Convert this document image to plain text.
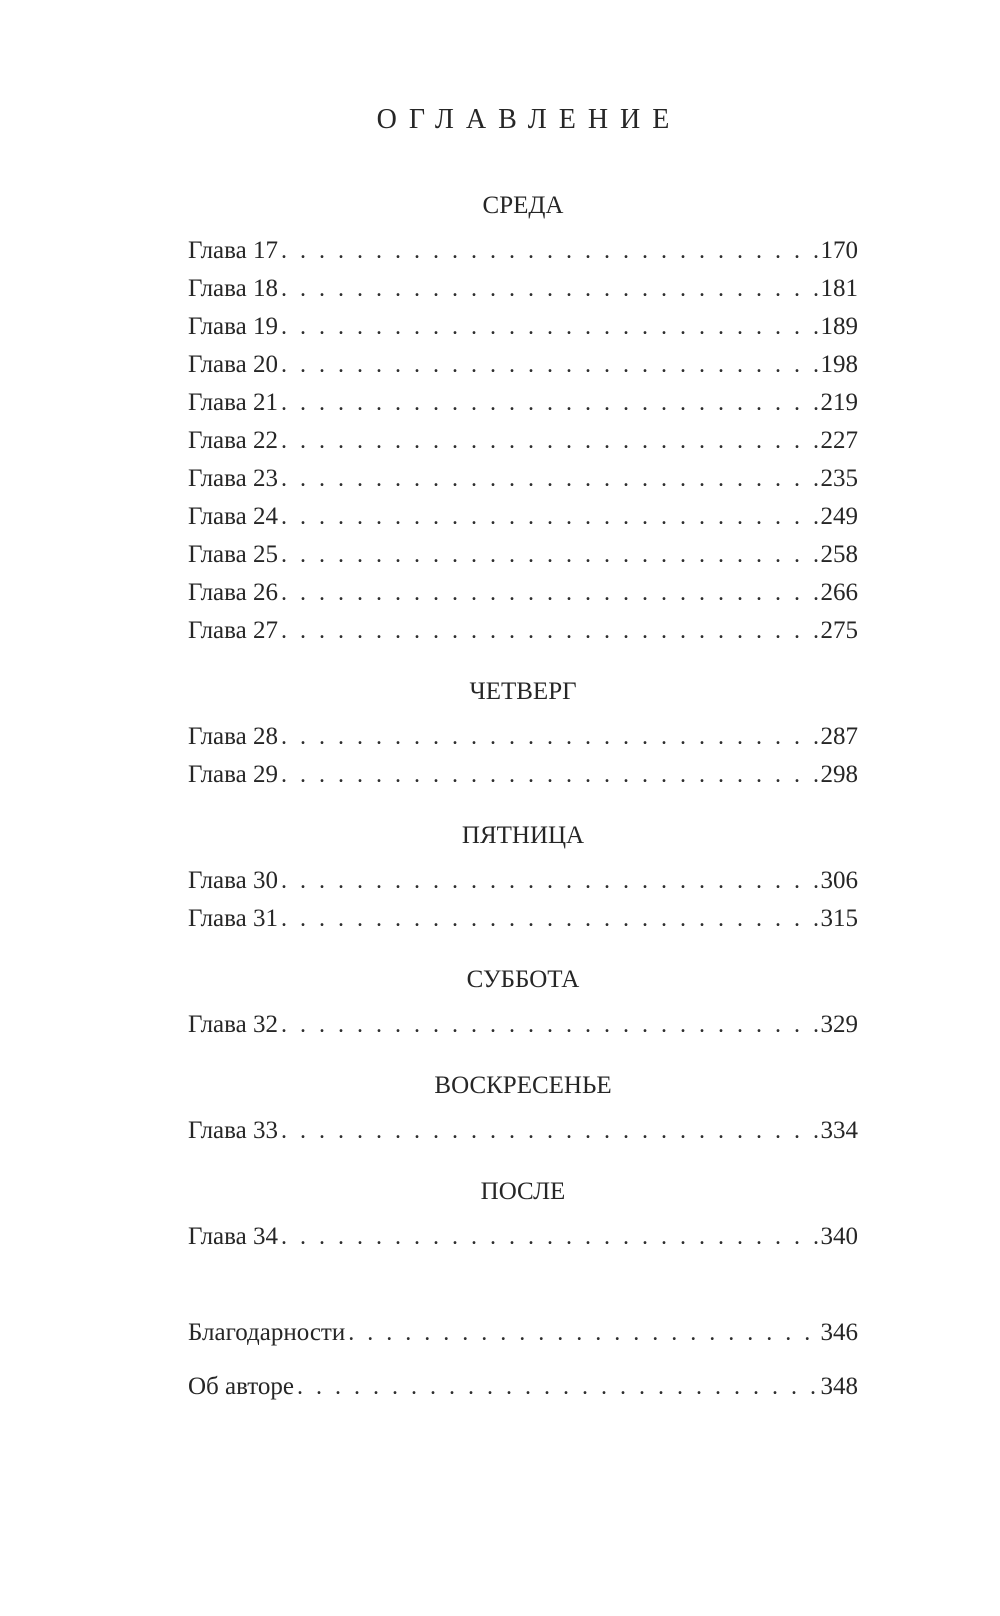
ОГЛАВЛЕНИЕ
СРЕДА
Глава 17 .....	170
Глава 18 .....	181
Глава 19 .....	189
Глава 20 .....	198
Глава 21 .....	219
Глава 22 .....	227
Глава 23 .....	235
Глава 24 .....	249
Глава 25 .....	258
Глава 26 .....	266
Глава 27 .....	275
ЧЕТВЕРГ
Глава 28 .....	287
Глава 29 .....	298
ПЯТНИЦА
Глава 30 .....	306
Глава 31 .....	315
СУББОТА
Глава 32 .....	329
ВОСКРЕСЕНЬЕ
Глава 33 .....	334
ПОСЛЕ
Глава 34 .....	340
Благодарности .....	346
Об авторе .....	348
